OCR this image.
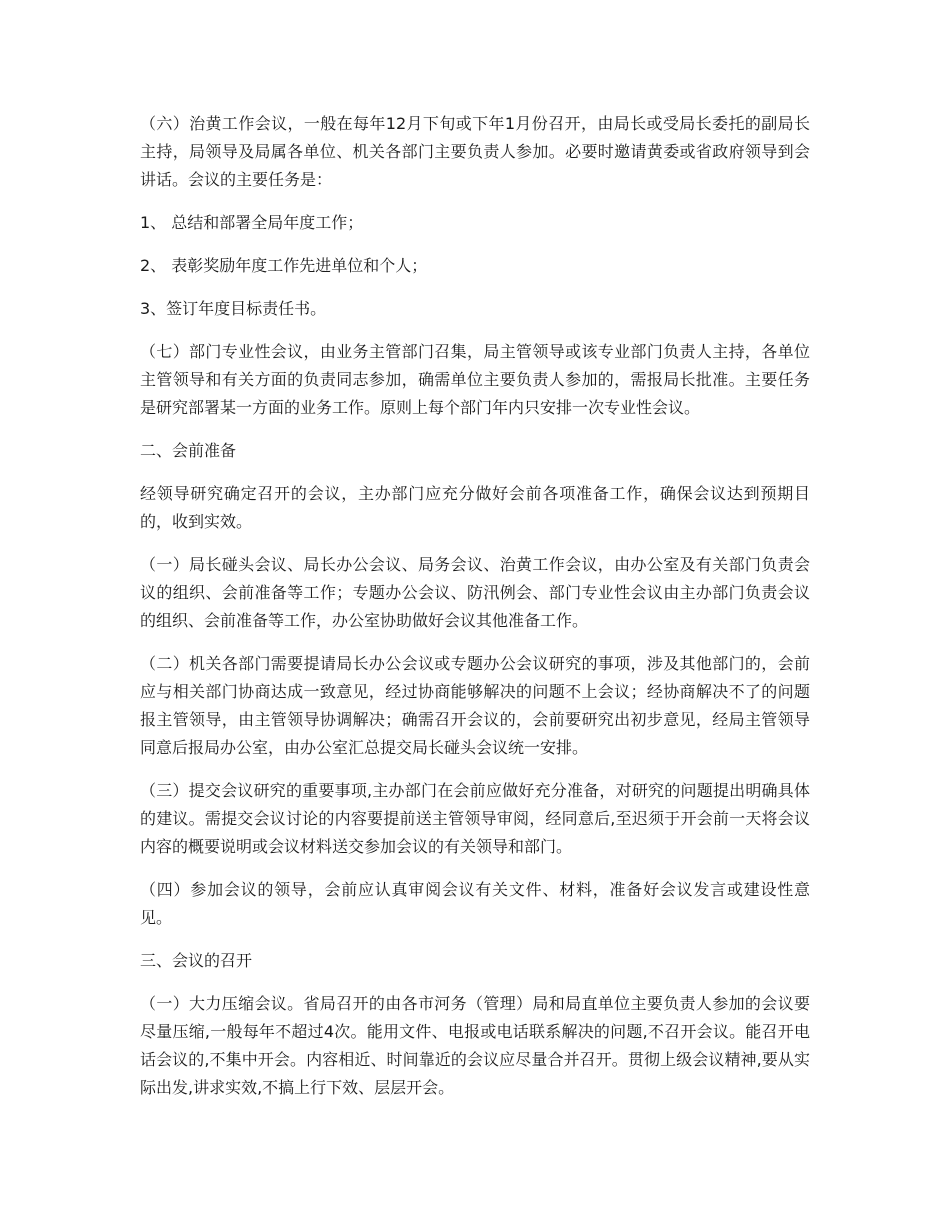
（六）治黄工作会议，一般在每年12月下旬或下年1月份召开，由局长或受局长委托的副局长主持，局领导及局属各单位、机关各部门主要负责人参加。必要时邀请黄委或省政府领导到会讲话。会议的主要任务是：

1、 总结和部署全局年度工作；

2、 表彰奖励年度工作先进单位和个人；

3、签订年度目标责任书。

（七）部门专业性会议，由业务主管部门召集，局主管领导或该专业部门负责人主持，各单位主管领导和有关方面的负责同志参加，确需单位主要负责人参加的，需报局长批准。主要任务是研究部署某一方面的业务工作。原则上每个部门年内只安排一次专业性会议。

二、会前准备

经领导研究确定召开的会议，主办部门应充分做好会前各项准备工作，确保会议达到预期目的，收到实效。

（一）局长碰头会议、局长办公会议、局务会议、治黄工作会议，由办公室及有关部门负责会议的组织、会前准备等工作；专题办公会议、防汛例会、部门专业性会议由主办部门负责会议的组织、会前准备等工作，办公室协助做好会议其他准备工作。

（二）机关各部门需要提请局长办公会议或专题办公会议研究的事项，涉及其他部门的，会前应与相关部门协商达成一致意见，经过协商能够解决的问题不上会议；经协商解决不了的问题报主管领导，由主管领导协调解决；确需召开会议的，会前要研究出初步意见，经局主管领导同意后报局办公室，由办公室汇总提交局长碰头会议统一安排。

（三）提交会议研究的重要事项,主办部门在会前应做好充分准备，对研究的问题提出明确具体的建议。需提交会议讨论的内容要提前送主管领导审阅，经同意后,至迟须于开会前一天将会议内容的概要说明或会议材料送交参加会议的有关领导和部门。

（四）参加会议的领导，会前应认真审阅会议有关文件、材料，准备好会议发言或建设性意见。

三、会议的召开

（一）大力压缩会议。省局召开的由各市河务（管理）局和局直单位主要负责人参加的会议要尽量压缩,一般每年不超过4次。能用文件、电报或电话联系解决的问题,不召开会议。能召开电话会议的,不集中开会。内容相近、时间靠近的会议应尽量合并召开。贯彻上级会议精神,要从实际出发,讲求实效,不搞上行下效、层层开会。
